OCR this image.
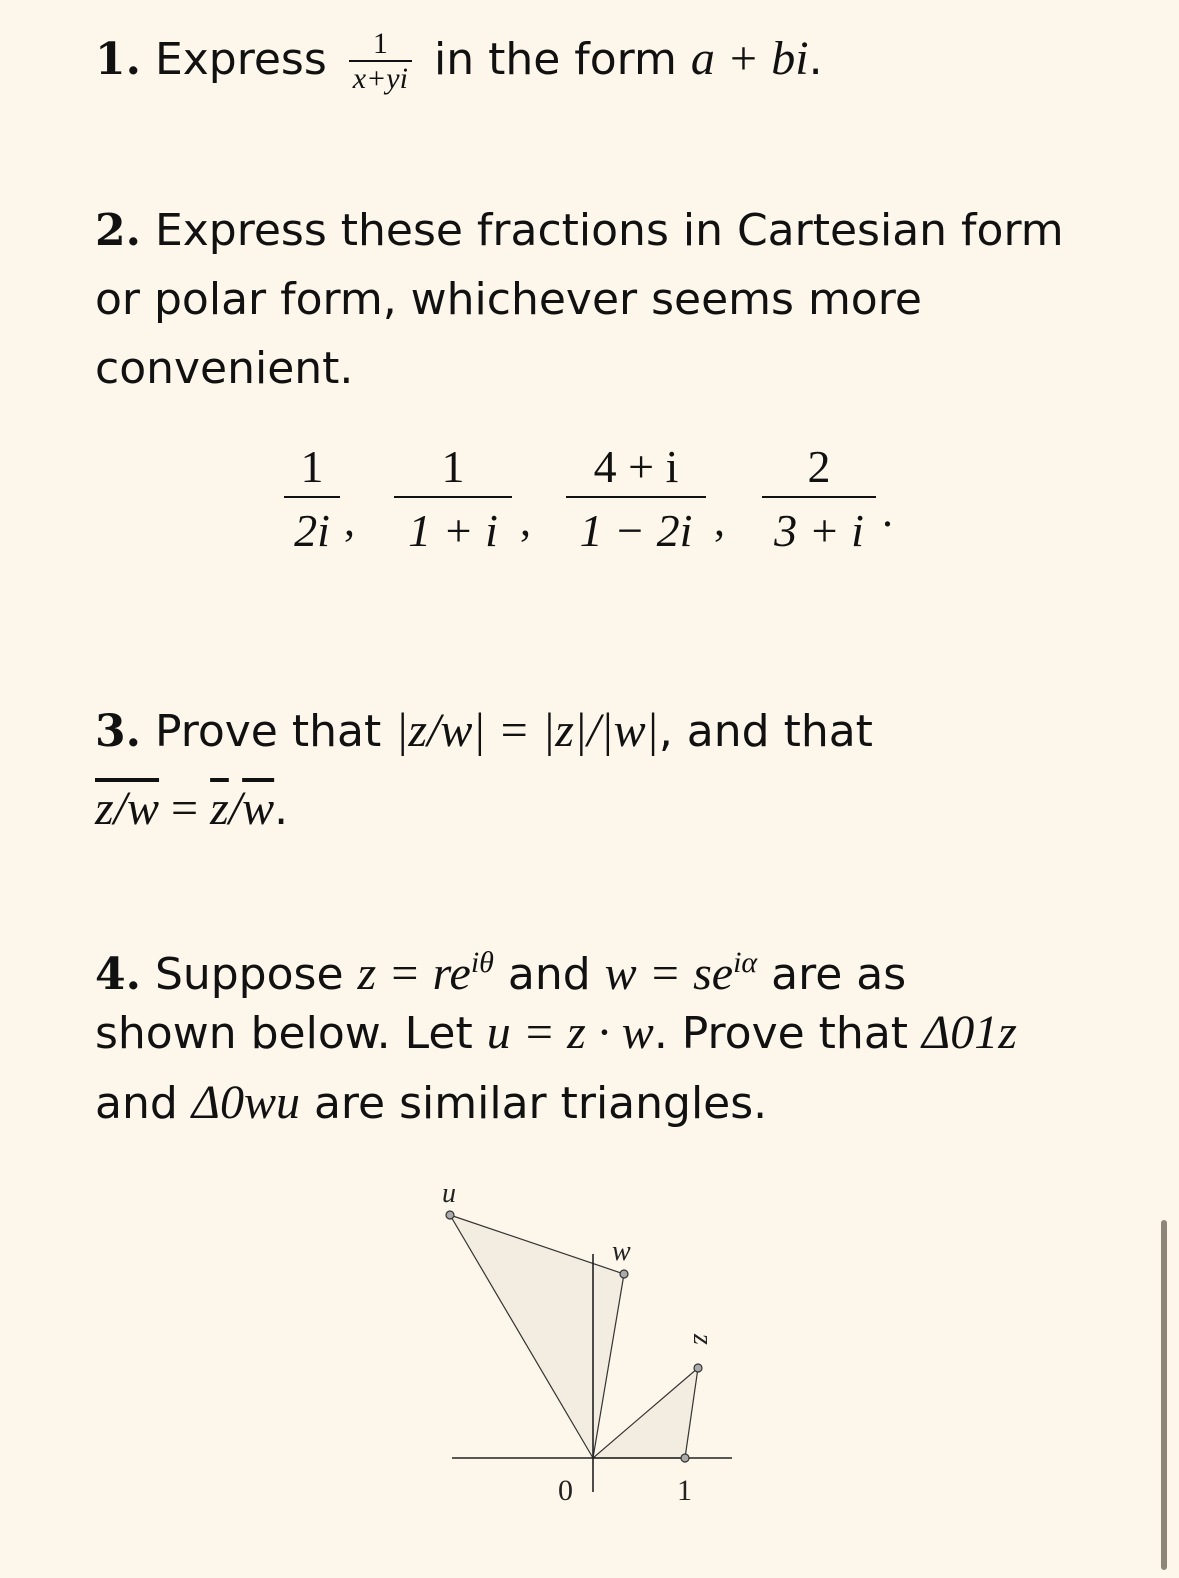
1. Express $\frac{1}{x+yi}$ in the form a + bi.
2. Express these fractions in Cartesian form
or polar form, whichever seems more
convenient.
$\frac{1}{2i}$ , $\frac{1}{1 + i}$ , $\frac{4 + i}{1 - 2i}$ , $\frac{2}{3 + i}$ .
3. Prove that |z/w| = |z|/|w|, and that
$z/w = \overline{z}/\overline{w}$.
4. Suppose $z = re^{i\theta}$ and $w = se^{i\alpha}$ are as
shown below. Let u = z · w. Prove that Δ01z
and Δ0wu are similar triangles.
u
w
z
0	1
